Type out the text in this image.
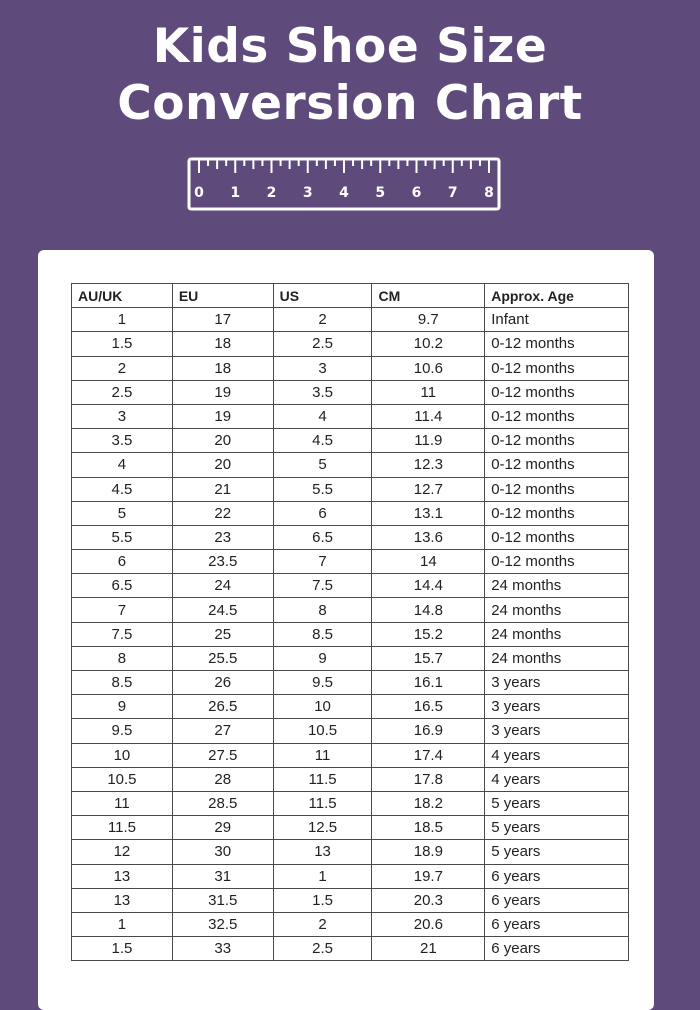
Kids Shoe Size
Conversion Chart
0 1 2 3 4 5 6 7 8
AU/UK	EU	US	CM	Approx. Age
1	17	2	9.7	Infant
1.5	18	2.5	10.2	0-12 months
2	18	3	10.6	0-12 months
2.5	19	3.5	11	0-12 months
3	19	4	11.4	0-12 months
3.5	20	4.5	11.9	0-12 months
4	20	5	12.3	0-12 months
4.5	21	5.5	12.7	0-12 months
5	22	6	13.1	0-12 months
5.5	23	6.5	13.6	0-12 months
6	23.5	7	14	0-12 months
6.5	24	7.5	14.4	24 months
7	24.5	8	14.8	24 months
7.5	25	8.5	15.2	24 months
8	25.5	9	15.7	24 months
8.5	26	9.5	16.1	3 years
9	26.5	10	16.5	3 years
9.5	27	10.5	16.9	3 years
10	27.5	11	17.4	4 years
10.5	28	11.5	17.8	4 years
11	28.5	11.5	18.2	5 years
11.5	29	12.5	18.5	5 years
12	30	13	18.9	5 years
13	31	1	19.7	6 years
13	31.5	1.5	20.3	6 years
1	32.5	2	20.6	6 years
1.5	33	2.5	21	6 years
